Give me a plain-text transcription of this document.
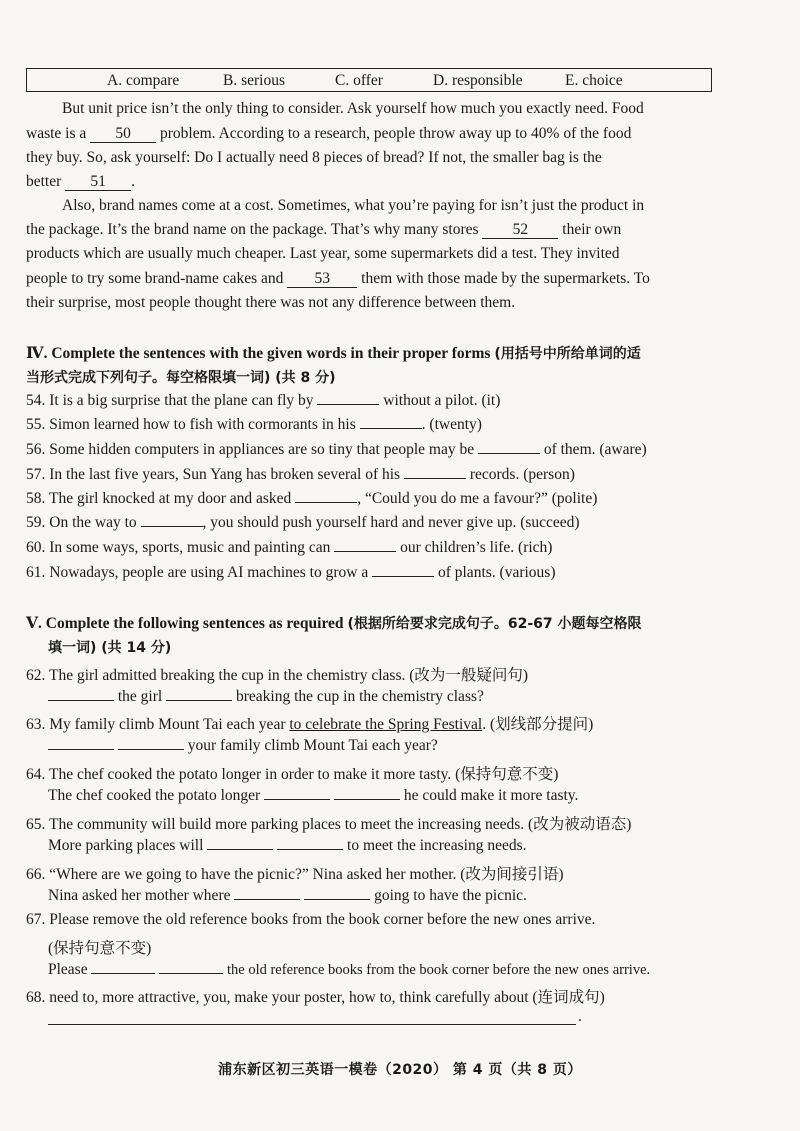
A. compare	B. serious	C. offer	D. responsible	E. choice
But unit price isn’t the only thing to consider. Ask yourself how much you exactly need. Food
waste is a 50 problem. According to a research, people throw away up to 40% of the food
they buy. So, ask yourself: Do I actually need 8 pieces of bread? If not, the smaller bag is the
better 51 .
Also, brand names come at a cost. Sometimes, what you’re paying for isn’t just the product in
the package. It’s the brand name on the package. That’s why many stores 52 their own
products which are usually much cheaper. Last year, some supermarkets did a test. They invited
people to try some brand-name cakes and 53 them with those made by the supermarkets. To
their surprise, most people thought there was not any difference between them.
Ⅳ. Complete the sentences with the given words in their proper forms (用括号中所给单词的适
当形式完成下列句子。每空格限填一词) (共 8 分)
54. It is a big surprise that the plane can fly by	without a pilot. (it)
55. Simon learned how to fish with cormorants in his	. (twenty)
56. Some hidden computers in appliances are so tiny that people may be	of them. (aware)
57. In the last five years, Sun Yang has broken several of his	records. (person)
58. The girl knocked at my door and asked	, “Could you do me a favour?” (polite)
59. On the way to	, you should push yourself hard and never give up. (succeed)
60. In some ways, sports, music and painting can	our children’s life. (rich)
61. Nowadays, people are using AI machines to grow a	of plants. (various)
Ⅴ. Complete the following sentences as required (根据所给要求完成句子。62-67 小题每空格限
填一词) (共 14 分)
62. The girl admitted breaking the cup in the chemistry class. (改为一般疑问句)
the girl	breaking the cup in the chemistry class?
63. My family climb Mount Tai each year to celebrate the Spring Festival. (划线部分提问)
your family climb Mount Tai each year?
64. The chef cooked the potato longer in order to make it more tasty. (保持句意不变)
The chef cooked the potato longer	he could make it more tasty.
65. The community will build more parking places to meet the increasing needs. (改为被动语态)
More parking places will	to meet the increasing needs.
66. “Where are we going to have the picnic?” Nina asked her mother. (改为间接引语)
Nina asked her mother where	going to have the picnic.
67. Please remove the old reference books from the book corner before the new ones arrive.
(保持句意不变)
Please	the old reference books from the book corner before the new ones arrive.
68. need to, more attractive, you, make your poster, how to, think carefully about (连词成句)
.
浦东新区初三英语一模卷（2020） 第 4 页（共 8 页）
